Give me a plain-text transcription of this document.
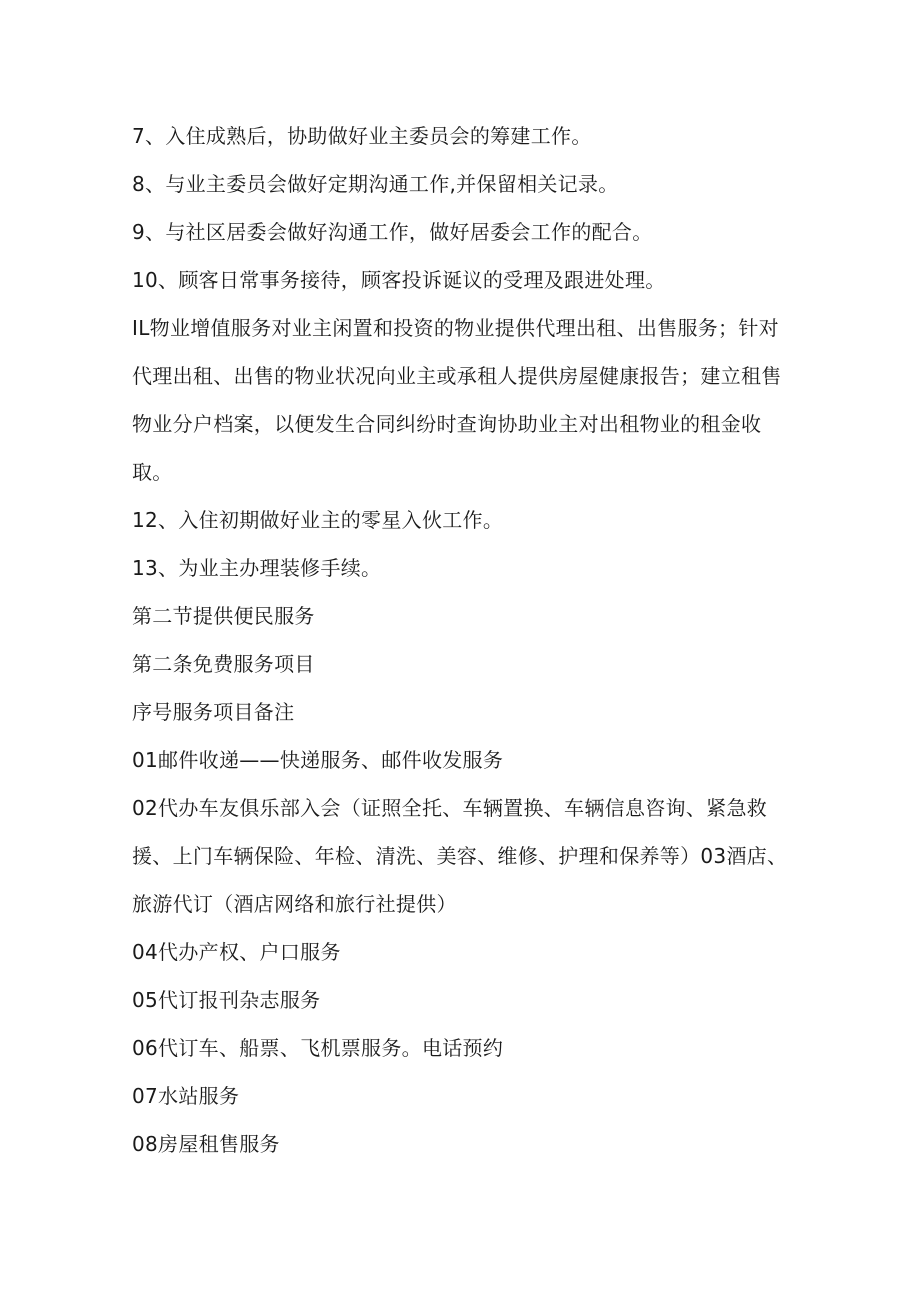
7、入住成熟后，协助做好业主委员会的筹建工作。

8、与业主委员会做好定期沟通工作,并保留相关记录。

9、与社区居委会做好沟通工作，做好居委会工作的配合。

10、顾客日常事务接待，顾客投诉诞议的受理及跟进处理。

IL物业增值服务对业主闲置和投资的物业提供代理出租、出售服务；针对代理出租、出售的物业状况向业主或承租人提供房屋健康报告；建立租售物业分户档案，以便发生合同纠纷时查询协助业主对出租物业的租金收取。

12、入住初期做好业主的零星入伙工作。

13、为业主办理装修手续。

第二节提供便民服务

第二条免费服务项目

序号服务项目备注

01邮件收递——快递服务、邮件收发服务

02代办车友俱乐部入会（证照全托、车辆置换、车辆信息咨询、紧急救援、上门车辆保险、年检、清洗、美容、维修、护理和保养等）03酒店、旅游代订（酒店网络和旅行社提供）

04代办产权、户口服务

05代订报刊杂志服务

06代订车、船票、飞机票服务。电话预约

07水站服务

08房屋租售服务
